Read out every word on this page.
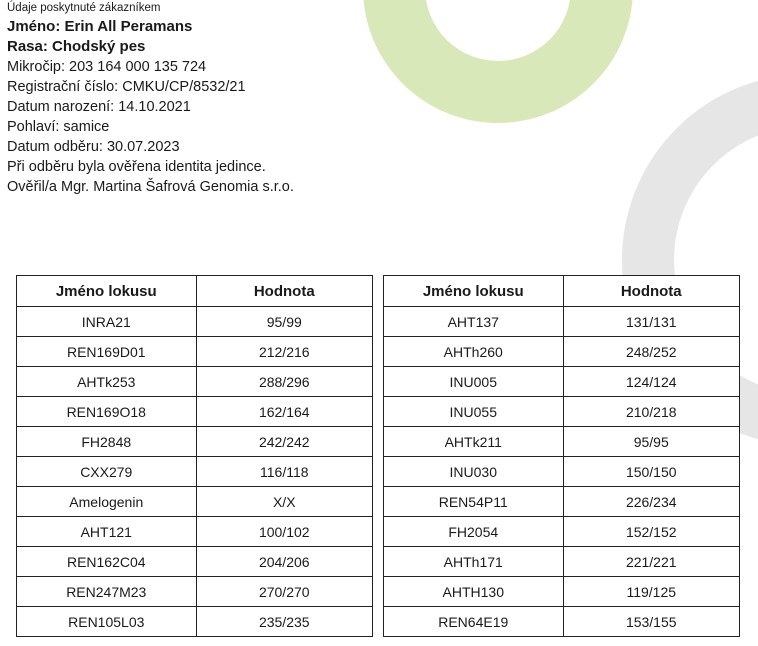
Údaje poskytnuté zákazníkem
Jméno: Erin All Peramans
Rasa: Chodský pes
Mikročip: 203 164 000 135 724
Registrační číslo: CMKU/CP/8532/21
Datum narození: 14.10.2021
Pohlaví: samice
Datum odběru: 30.07.2023
Při odběru byla ověřena identita jedince.
Ověřil/a Mgr. Martina Šafrová Genomia s.r.o.
Jméno lokusu	Hodnota
INRA21	95/99
REN169D01	212/216
AHTk253	288/296
REN169O18	162/164
FH2848	242/242
CXX279	116/118
Amelogenin	X/X
AHT121	100/102
REN162C04	204/206
REN247M23	270/270
REN105L03	235/235
Jméno lokusu	Hodnota
AHT137	131/131
AHTh260	248/252
INU005	124/124
INU055	210/218
AHTk211	95/95
INU030	150/150
REN54P11	226/234
FH2054	152/152
AHTh171	221/221
AHTH130	119/125
REN64E19	153/155
